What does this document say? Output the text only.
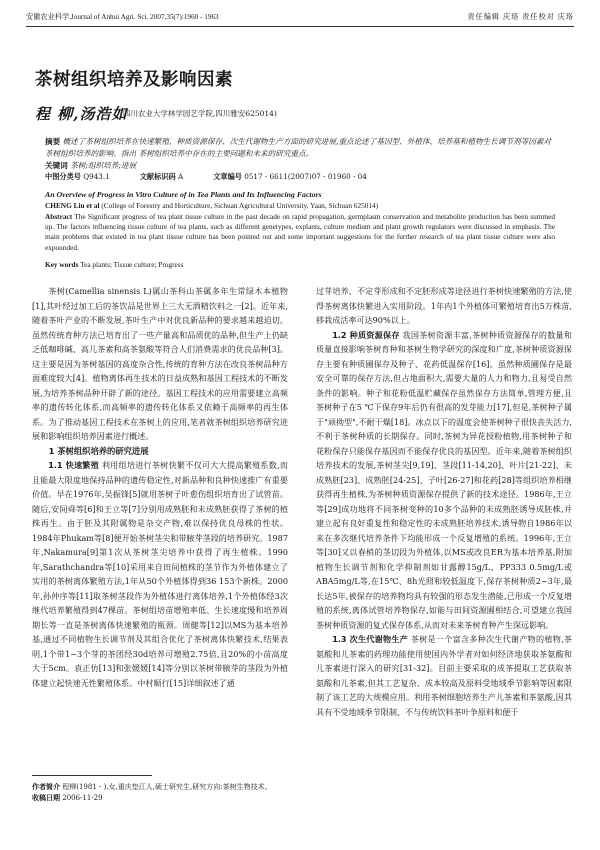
安徽农业科学,Journal of Anhui Agri. Sci. 2007,35(7):1960 - 1963	责任编辑 庆珞 责任校对 庆珞
茶树组织培养及影响因素
程 柳,汤浩如
(四川农业大学林学园艺学院,四川雅安625014)
摘要 概述了茶树组织培养在快速繁殖、种质资源保存、次生代谢物生产方面的研究进展,重点论述了基因型、外植体、培养基和植物生长调节剂等因素对茶树组织培养的影响。指出 茶树组织培养中存在的主要问题和未来的研究重点。
关键词 茶树;组织培养;进展
中图分类号 Q943.1	文献标识码 A	文章编号 0517 - 6611(2007)07 - 01960 - 04
An Overview of Progress in Vitro Culture of in Tea Plants and Its Influencing Factors
CHENG Liu et al (College of Forestry and Horticulture, Sichuan Agricultural University, Yaan, Sichuan 625014)
Abstract The Significant progress of tea plant tissue culture in the past decade on rapid propagation, germplasm conservation and metabolite production has been summed up. The factors influencing tissue culture of tea plants, such as different genetypes, explants, culture medium and plant growth regulators were discussed in emphasis. The main problems that existed in tea plant tissue culture has been pointed out and some important suggestions for the further research of tea plant tissue culture were also expounded.
Key words Tea plants; Tissue culture; Progress

茶树(Camellia sinensis L)属山茶科山茶属多年生常绿木本植物[1],其叶经过加工后的茶饮品是世界上三大无酒精饮料之一[2]。近年来,随着茶叶产业的不断发展,茶叶生产中对优良新品种的要求越来越迫切。虽然传统育种方法已培育出了一些产量高和品质优的品种,但生产上仍缺乏低咖啡碱、高儿茶素和高茶氨酸等符合人们消费需求的优良品种[3]。这主要是因为茶树基因的高度杂合性,传统的育种方法在改良茶树品种方面难度较大[4]。植物离体再生技术的日益成熟和基因工程技术的不断发展,为培养茶树品种开辟了新的途径。基因工程技术的应用需要建立高频率的遗传转化体系,而高频率的遗传转化体系又依赖于高频率的再生体系。为了推动基因工程技术在茶树上的应用,笔者就茶树组织培养研究进展和影响组织培养因素进行概述。

1 茶树组织培养的研究进展

1.1 快速繁殖 利用组培进行茶树快繁不仅可大大提高繁殖系数,而且能最大限度地保持品种的遗传稳定性,对新品种和良种快速推广有重要价值。早在1976年,吴振锋[5]就用茶树子叶愈伤组织培育出了试管苗。随后,安间舜等[6]和王立等[7]分别用成熟胚和未成熟胚获得了茶树的植株再生。由于胚及其附属物是杂交产物,难以保持优良母株的性状。1984年Phukam等[8]便开始茶树茎尖和带腋芽茎段的培养研究。1987年,Nakamura[9]第1次从茶树茎尖培养中获得了再生植株。1990年,Sarathchandra等[10]采用来自田间植株的茎节作为外植体建立了实用的茶树离体繁殖方法,1年从50个外植体得到36 153个新株。2000年,孙仲序等[11]取茶树茎段作为外植体进行离体培养,1个外植体经3次继代培养繁殖得到47棵苗。茶树组培苗增殖率低、生长速度慢和培养周期长等一直是茶树离体快速繁殖的瓶颈。周健等[12]以MS为基本培养基,通过不同植物生长调节剂及其组合优化了茶树离体快繁技术,结果表明,1个带1~3个芽的茶团经30d培养可增殖2.75倍,且20%的小苗高度大于5cm。袁正仿[13]和张媛媛[14]等分别以茶树带腋芽的茎段为外植体建立起快速无性繁殖体系。中村顺行[15]详细叙述了通

过芽培养、不定芽形成和不定胚形成等途径进行茶树快速繁殖的方法,使得茶树离体快繁进入实用阶段。1年内1个外植体可繁殖培育出5万株苗,移栽成活率可达90%以上。

1.2 种质资源保存 我国茶树资源丰富,茶树种质资源保存的数量和质量直接影响茶树育种和茶树生物学研究的深度和广度,茶树种质资源保存主要有种质圃保存及种子、花药低温保存[16]。虽然种质圃保存是最安全可靠的保存方法,但占地面积大,需要大量的人力和物力,且易受自然条件的影响。种子和花粉低温贮藏保存虽然保存方法简单,管理方便,且茶树种子在5 ℃下保存9年后仍有很高的发芽能力[17],但是,茶树种子属于"顽拗型",不耐干燥[18]。冰点以下的温度会使茶树种子很快丧失活力,不利于茶树种质的长期保存。同时,茶树为异花授粉植物,用茶树种子和花粉保存只能保存基因而不能保存优良的基因型。近年来,随着茶树组织培养技术的发展,茶树茎尖[9,19]、茎段[11-14,20]、叶片[21-22]、未成熟胚[23]、成熟胚[24-25]、子叶[26-27]和花药[28]等组织培养相继获得再生植株,为茶树种质资源保存提供了新的技术途径。1986年,王立等[29]成功地将不同茶树变种的10多个品种的未成熟胚诱导成胚株,并建立起有良好重复性和稳定性的未成熟胚培养技术,诱导物自1986年以来在多次继代培养条件下均能形成一个反复增殖的系统。1996年,王立等[30]又以春梢的茎切段为外植体,以MS或改良ER为基本培养基,附加植物生长调节剂和化学抑制剂如甘露醇15g/L、PP333 0.5mg/L或ABA5mg/L等,在15℃、8h光照和较低温度下,保存茶树种质2~3年,最长达5年,被保存的培养物均具有较强的形态发生潜能,已形成一个反复增殖的系统,离体试管培养物保存,如能与田间资源圃相结合,可望建立我国茶树种质资源的复式保存体系,从而对未来茶树育种产生深远影响。

1.3 次生代谢物生产 茶树是一个富含多种次生代谢产物的植物,茶氨酸和儿茶素的药理功能使用使国内外学者对如何经济地获取茶氨酸和儿茶素进行深入的研究[31-32]。目前主要采取的成茶提取工艺获取茶氨酸和儿茶素,但其工艺复杂、成本较高及原料受地域季节影响等因素限制了该工艺的大规模应用。利用茶树细胞培养生产儿茶素和茶氨酸,因其具有不受地域季节限制、不与传统饮料茶叶争原料和便于

作者简介 程柳(1981 - ),女,重庆垫江人,硕士研究生,研究方向:茶树生物技术。
收稿日期 2006-11-29
